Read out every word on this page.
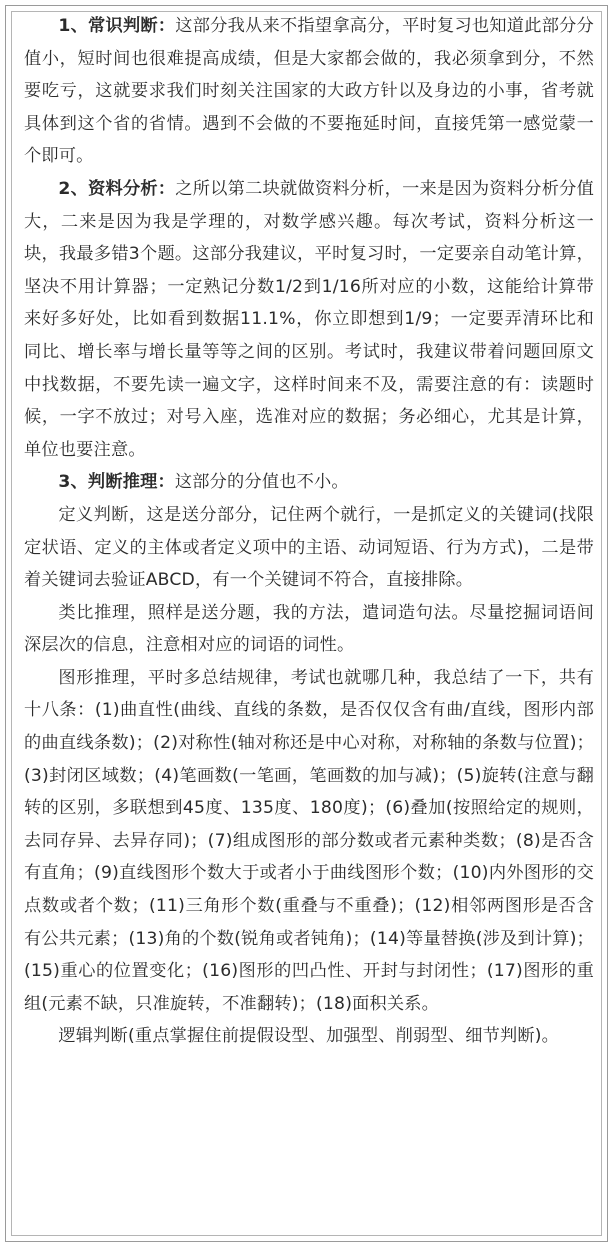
1、常识判断：这部分我从来不指望拿高分，平时复习也知道此部分分值小，短时间也很难提高成绩，但是大家都会做的，我必须拿到分，不然要吃亏，这就要求我们时刻关注国家的大政方针以及身边的小事，省考就具体到这个省的省情。遇到不会做的不要拖延时间，直接凭第一感觉蒙一个即可。

2、资料分析：之所以第二块就做资料分析，一来是因为资料分析分值大，二来是因为我是学理的，对数学感兴趣。每次考试，资料分析这一块，我最多错3个题。这部分我建议，平时复习时，一定要亲自动笔计算，坚决不用计算器；一定熟记分数1/2到1/16所对应的小数，这能给计算带来好多好处，比如看到数据11.1%，你立即想到1/9；一定要弄清环比和同比、增长率与增长量等等之间的区别。考试时，我建议带着问题回原文中找数据，不要先读一遍文字，这样时间来不及，需要注意的有：读题时候，一字不放过；对号入座，选准对应的数据；务必细心，尤其是计算，单位也要注意。

3、判断推理：这部分的分值也不小。

定义判断，这是送分部分，记住两个就行，一是抓定义的关键词(找限定状语、定义的主体或者定义项中的主语、动词短语、行为方式)，二是带着关键词去验证ABCD，有一个关键词不符合，直接排除。

类比推理，照样是送分题，我的方法，遣词造句法。尽量挖掘词语间深层次的信息，注意相对应的词语的词性。

图形推理，平时多总结规律，考试也就哪几种，我总结了一下，共有十八条：(1)曲直性(曲线、直线的条数，是否仅仅含有曲/直线，图形内部的曲直线条数)；(2)对称性(轴对称还是中心对称，对称轴的条数与位置)；(3)封闭区域数；(4)笔画数(一笔画，笔画数的加与减)；(5)旋转(注意与翻转的区别，多联想到45度、135度、180度)；(6)叠加(按照给定的规则，去同存异、去异存同)；(7)组成图形的部分数或者元素种类数；(8)是否含有直角；(9)直线图形个数大于或者小于曲线图形个数；(10)内外图形的交点数或者个数；(11)三角形个数(重叠与不重叠)；(12)相邻两图形是否含有公共元素；(13)角的个数(锐角或者钝角)；(14)等量替换(涉及到计算)；(15)重心的位置变化；(16)图形的凹凸性、开封与封闭性；(17)图形的重组(元素不缺，只准旋转，不准翻转)；(18)面积关系。

逻辑判断(重点掌握住前提假设型、加强型、削弱型、细节判断)。
